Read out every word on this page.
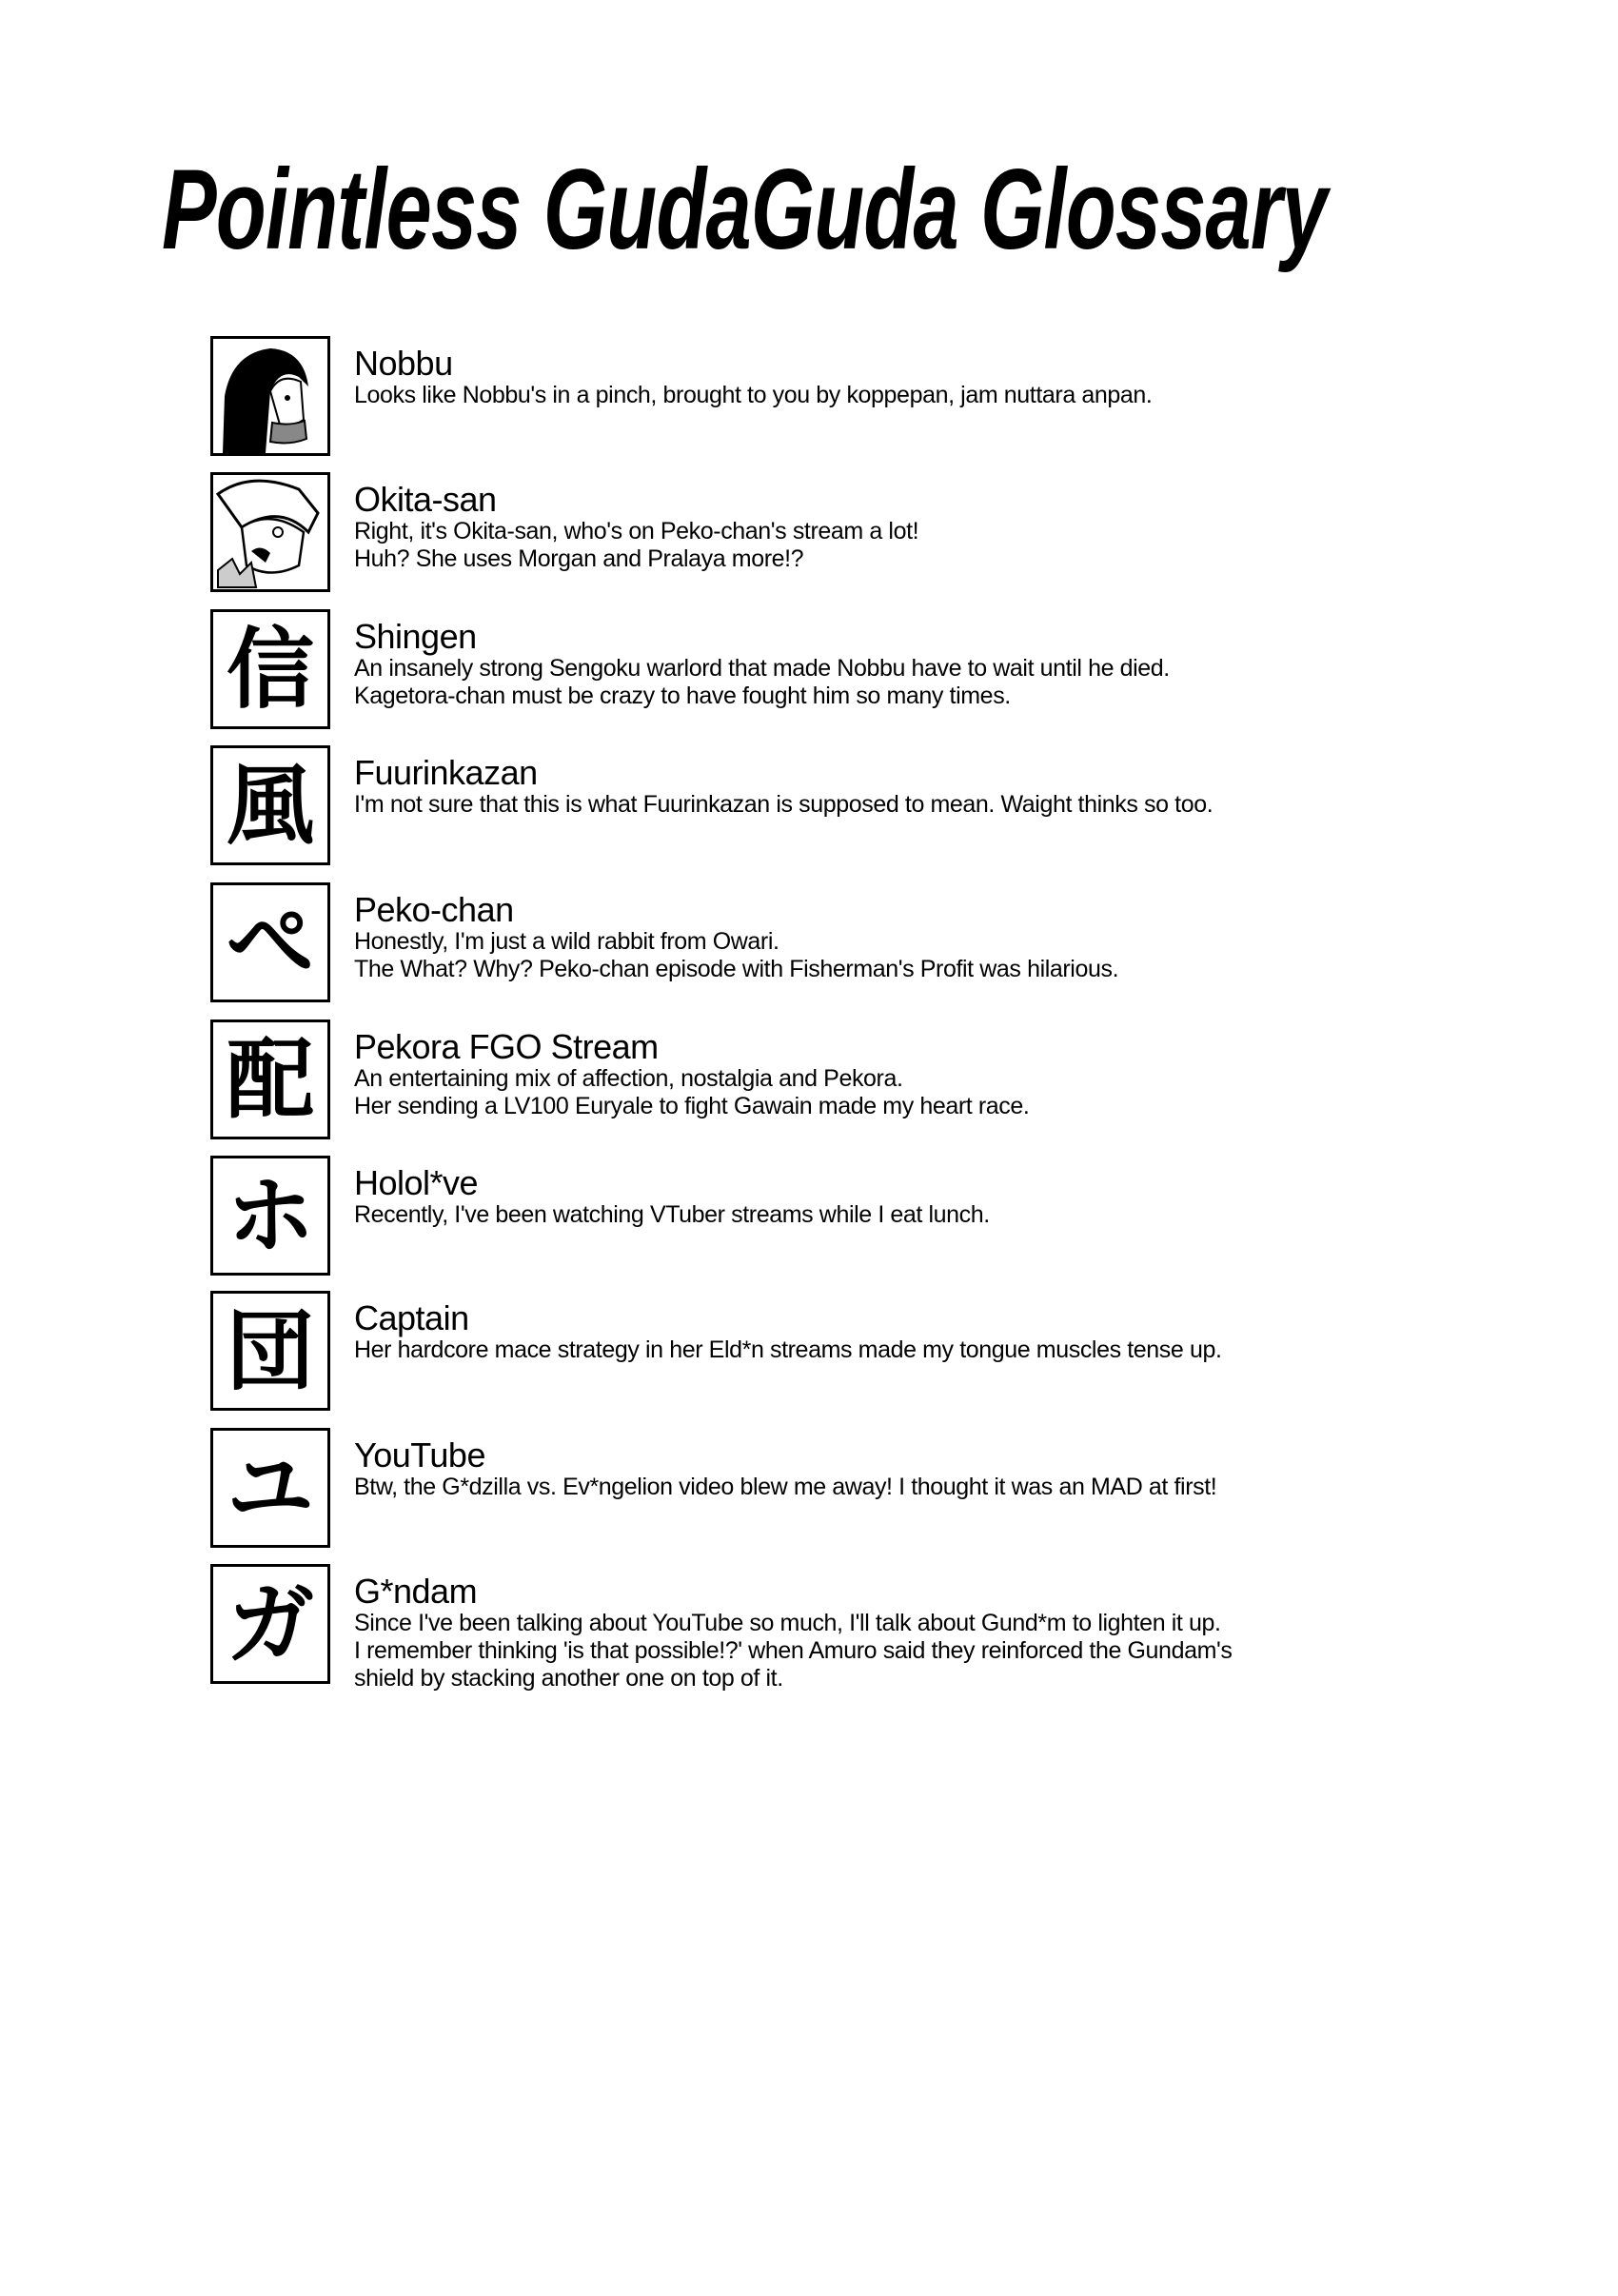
Pointless GudaGuda Glossary
Nobbu
Looks like Nobbu's in a pinch, brought to you by koppepan, jam nuttara anpan.
Okita-san
Right, it's Okita-san, who's on Peko-chan's stream a lot!
Huh? She uses Morgan and Pralaya more!?
信 Shingen
An insanely strong Sengoku warlord that made Nobbu have to wait until he died.
Kagetora-chan must be crazy to have fought him so many times.
風 Fuurinkazan
I'm not sure that this is what Fuurinkazan is supposed to mean. Waight thinks so too.
ぺ Peko-chan
Honestly, I'm just a wild rabbit from Owari.
The What? Why? Peko-chan episode with Fisherman's Profit was hilarious.
配 Pekora FGO Stream
An entertaining mix of affection, nostalgia and Pekora.
Her sending a LV100 Euryale to fight Gawain made my heart race.
ホ Holol*ve
Recently, I've been watching VTuber streams while I eat lunch.
団 Captain
Her hardcore mace strategy in her Eld*n streams made my tongue muscles tense up.
ユ YouTube
Btw, the G*dzilla vs. Ev*ngelion video blew me away! I thought it was an MAD at first!
ガ G*ndam
Since I've been talking about YouTube so much, I'll talk about Gund*m to lighten it up.
I remember thinking 'is that possible!?' when Amuro said they reinforced the Gundam's
shield by stacking another one on top of it.
